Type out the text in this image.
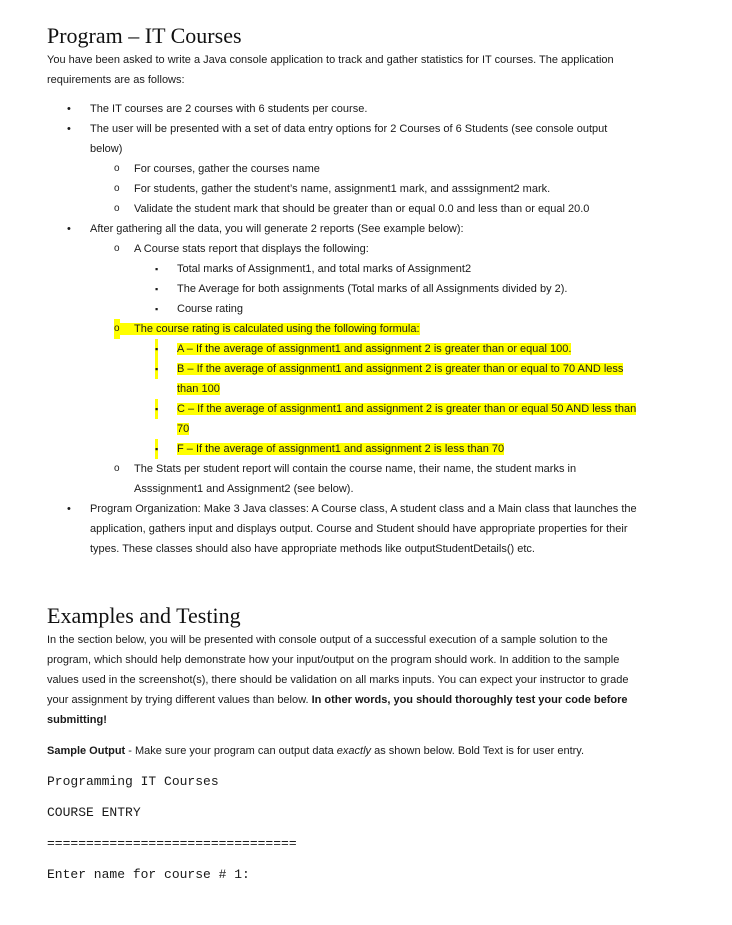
Program – IT Courses

You have been asked to write a Java console application to track and gather statistics for IT courses. The application requirements are as follows:

• The IT courses are 2 courses with 6 students per course.
• The user will be presented with a set of data entry options for 2 Courses of 6 Students (see console output below)
o For courses, gather the courses name
o For students, gather the student’s name, assignment1 mark, and asssignment2 mark.
o Validate the student mark that should be greater than or equal 0.0 and less than or equal 20.0
• After gathering all the data, you will generate 2 reports (See example below):
o A Course stats report that displays the following:
▪ Total marks of Assignment1, and total marks of Assignment2
▪ The Average for both assignments (Total marks of all Assignments divided by 2).
▪ Course rating
o The course rating is calculated using the following formula:
▪ A – If the average of assignment1 and assignment 2 is greater than or equal 100.
▪ B – If the average of assignment1 and assignment 2 is greater than or equal to 70 AND less than 100
▪ C – If the average of assignment1 and assignment 2 is greater than or equal 50 AND less than 70
▪ F – If the average of assignment1 and assignment 2 is less than 70
o The Stats per student report will contain the course name, their name, the student marks in Asssignment1 and Assignment2 (see below).
• Program Organization: Make 3 Java classes: A Course class, A student class and a Main class that launches the application, gathers input and displays output. Course and Student should have appropriate properties for their types. These classes should also have appropriate methods like outputStudentDetails() etc.
Examples and Testing

In the section below, you will be presented with console output of a successful execution of a sample solution to the program, which should help demonstrate how your input/output on the program should work. In addition to the sample values used in the screenshot(s), there should be validation on all marks inputs. You can expect your instructor to grade your assignment by trying different values than below. In other words, you should thoroughly test your code before submitting!

Sample Output - Make sure your program can output data exactly as shown below. Bold Text is for user entry.

Programming IT Courses
COURSE ENTRY
================================
Enter name for course # 1:
